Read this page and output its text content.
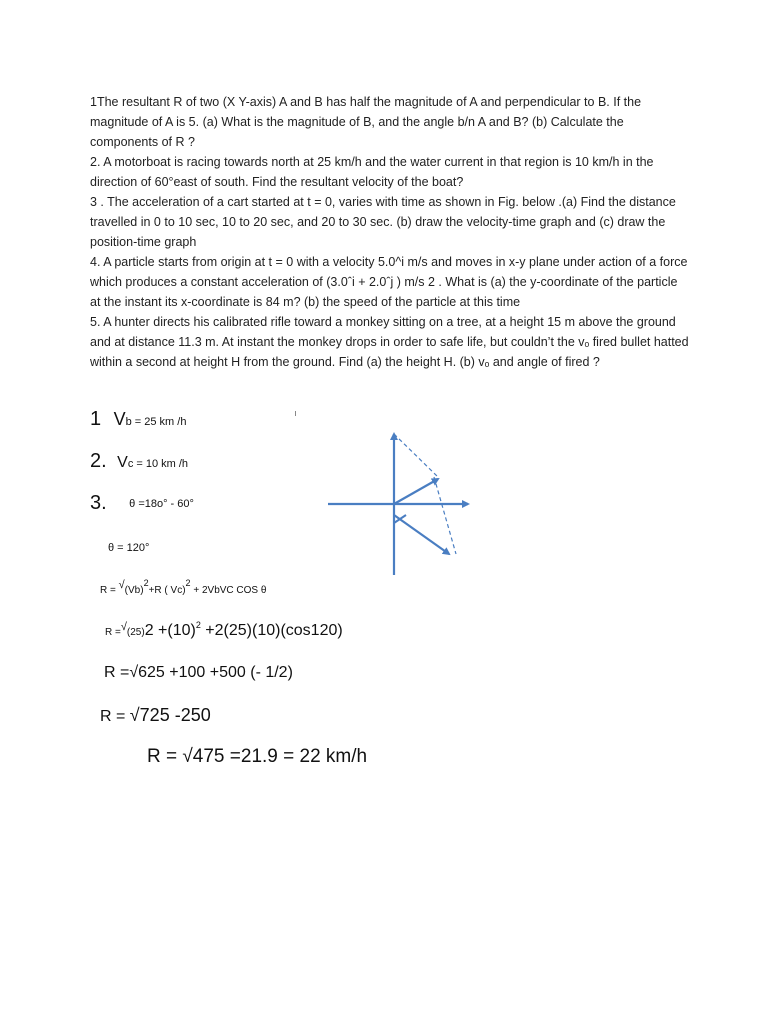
1The resultant R of two (X Y-axis) A and B has half the magnitude of A and perpendicular to B. If the magnitude of A is 5. (a) What is the magnitude of B, and the angle b/n A and B? (b) Calculate the components of R ?

2. A motorboat is racing towards north at 25 km/h and the water current in that region is 10 km/h in the direction of 60°east of south. Find the resultant velocity of the boat?

3 . The acceleration of a cart started at t = 0, varies with time as shown in Fig. below .(a) Find the distance travelled in 0 to 10 sec, 10 to 20 sec, and 20 to 30 sec. (b) draw the velocity-time graph and (c) draw the position-time graph

4. A particle starts from origin at t = 0 with a velocity 5.0^i m/s and moves in x-y plane under action of a force which produces a constant acceleration of (3.0ˆi + 2.0ˆj ) m/s 2 . What is (a) the y-coordinate of the particle at the instant its x-coordinate is 84 m? (b) the speed of the particle at this time

5. A hunter directs his calibrated rifle toward a monkey sitting on a tree, at a height 15 m above the ground and at distance 11.3 m. At instant the monkey drops in order to safe life, but couldn’t the vₒ fired bullet hatted within a second at height H from the ground. Find (a) the height H. (b) vₒ and angle of fired ?

1 Vb = 25 km /h
2. Vc = 10 km /h
3. θ =18o° - 60°
θ = 120°
R = √(Vb)2+R ( Vc)2 + 2VbVC COS θ
$R =^√(25)2 +(10)^2 +2(25)(10)(\cos 120)$
R =√625 +100 +500 (- 1/2)
R = √725 -250
R = √475 =21.9 = 22 km/h
